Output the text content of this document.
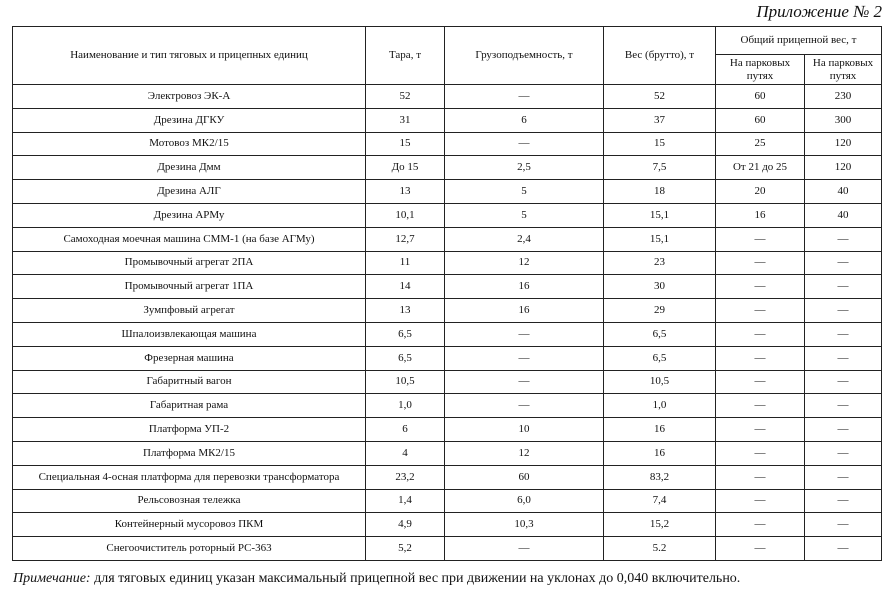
Приложение № 2
Наименование и тип тяговых и прицепных единиц	Тара, т	Грузоподъемность, т	Вес (брутто), т	Общий прицепной вес, т	
				На парковых путях	На парковых путях
Электровоз ЭК-А	52	—	52	60	230
Дрезина ДГКУ	31	6	37	60	300
Мотовоз МК2/15	15	—	15	25	120
Дрезина Дмм	До 15	2,5	7,5	От 21 до 25	120
Дрезина АЛГ	13	5	18	20	40
Дрезина АРМу	10,1	5	15,1	16	40
Самоходная моечная машина СММ-1 (на базе АГМу)	12,7	2,4	15,1	—	—
Промывочный агрегат 2ПА	11	12	23	—	—
Промывочный агрегат 1ПА	14	16	30	—	—
Зумпфовый агрегат	13	16	29	—	—
Шпалоизвлекающая машина	6,5	—	6,5	—	—
Фрезерная машина	6,5	—	6,5	—	—
Габаритный вагон	10,5	—	10,5	—	—
Габаритная рама	1,0	—	1,0	—	—
Платформа УП-2	6	10	16	—	—
Платформа МК2/15	4	12	16	—	—
Специальная 4-осная платформа для перевозки трансформатора	23,2	60	83,2	—	—
Рельсовозная тележка	1,4	6,0	7,4	—	—
Контейнерный мусоровоз ПКМ	4,9	10,3	15,2	—	—
Снегоочиститель роторный РС-363	5,2	—	5.2	—	—
Примечание: для тяговых единиц указан максимальный прицепной вес при движении на уклонах до 0,040 включительно.
